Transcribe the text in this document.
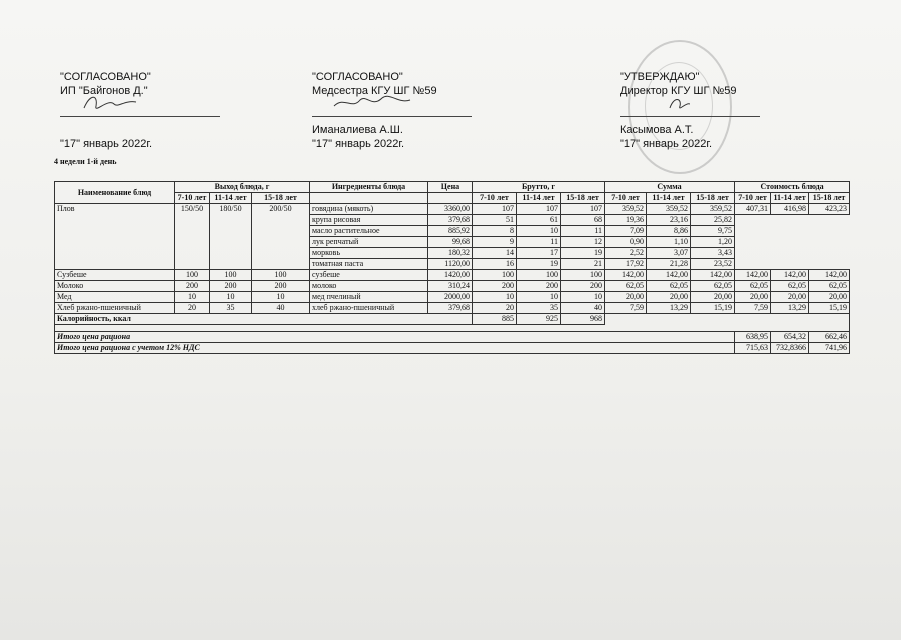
"СОГЛАСОВАНО"
ИП "Байгонов Д."
"17" январь 2022г.
"СОГЛАСОВАНО"
Медсестра КГУ ШГ №59
Иманалиева А.Ш.
"17" январь 2022г.
"УТВЕРЖДАЮ"
Директор КГУ ШГ №59
Касымова А.Т.
"17" январь 2022г.
4 недели 1-й день
Наименование блюд	Выход блюда, г			Ингредиенты блюда	Цена	Брутто, г			Сумма			Стоимость блюда		
	7-10 лет	11-14 лет	15-18 лет			7-10 лет	11-14 лет	15-18 лет	7-10 лет	11-14 лет	15-18 лет	7-10 лет	11-14 лет	15-18 лет
Плов	150/50	180/50	200/50	говядина (мякоть)	3360,00	107	107	107	359,52	359,52	359,52	407,31	416,98	423,23
				крупа рисовая	379,68	51	61	68	19,36	23,16	25,82			
				масло растительное	885,92	8	10	11	7,09	8,86	9,75			
				лук репчатый	99,68	9	11	12	0,90	1,10	1,20			
				морковь	180,32	14	17	19	2,52	3,07	3,43			
				томатная паста	1120,00	16	19	21	17,92	21,28	23,52			
Сузбеше	100	100	100	сузбеше	1420,00	100	100	100	142,00	142,00	142,00	142,00	142,00	142,00
Молоко	200	200	200	молоко	310,24	200	200	200	62,05	62,05	62,05	62,05	62,05	62,05
Мед	10	10	10	мед пчелиный	2000,00	10	10	10	20,00	20,00	20,00	20,00	20,00	20,00
Хлеб ржано-пшеничный	20	35	40	хлеб ржано-пшеничный	379,68	20	35	40	7,59	13,29	15,19	7,59	13,29	15,19
Калорийность, ккал						885	925	968						

Итого цена рациона												638,95	654,32	662,46
Итого цена рациона с учетом 12% НДС												715,63	732,8366	741,96
